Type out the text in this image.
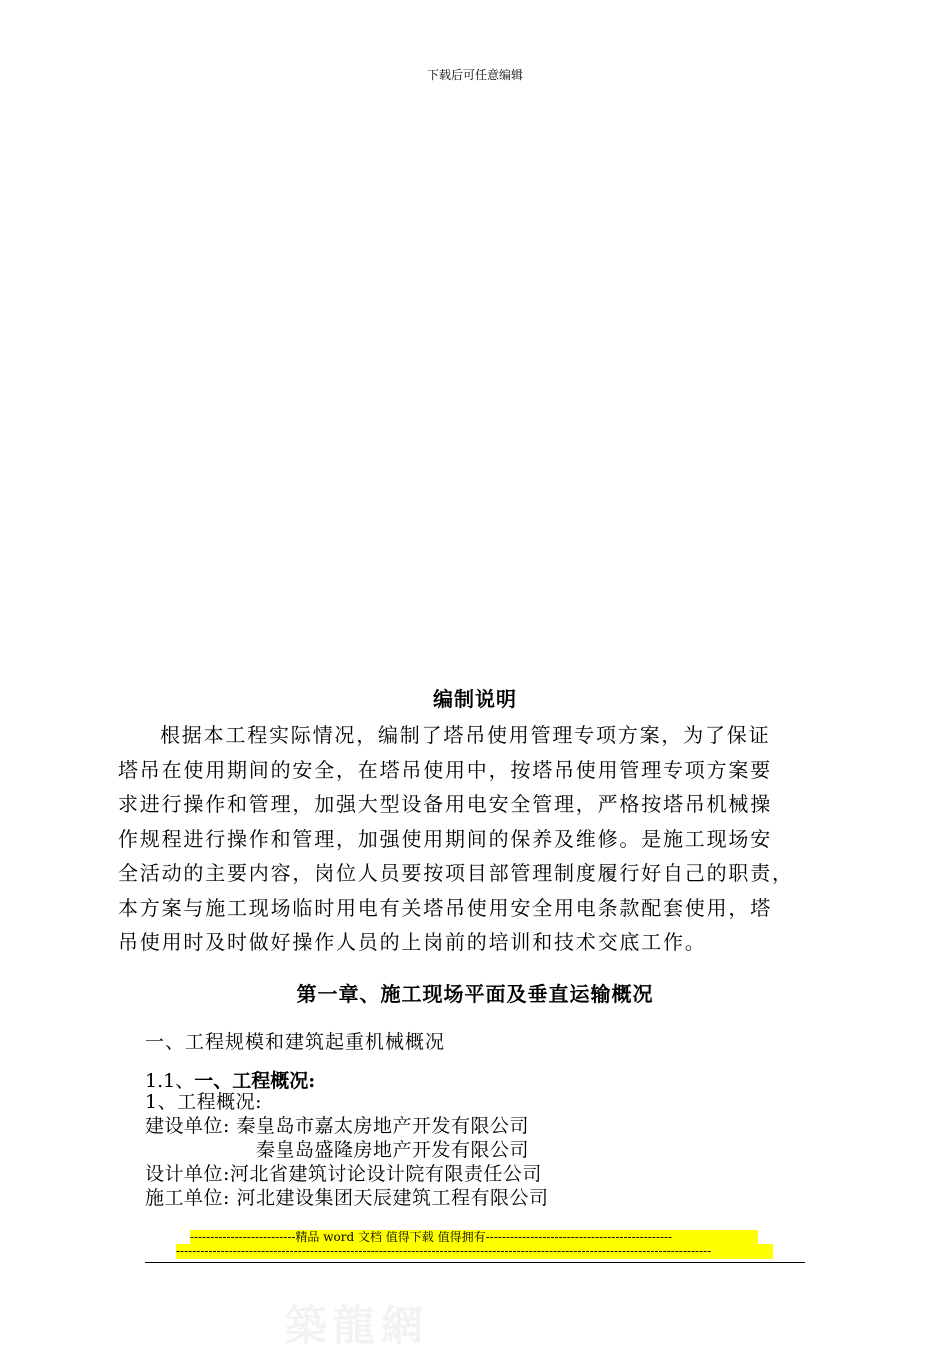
下载后可任意编辑
编制说明
根据本工程实际情况，编制了塔吊使用管理专项方案，为了保证
塔吊在使用期间的安全，在塔吊使用中，按塔吊使用管理专项方案要
求进行操作和管理，加强大型设备用电安全管理，严格按塔吊机械操
作规程进行操作和管理，加强使用期间的保养及维修。是施工现场安
全活动的主要内容，岗位人员要按项目部管理制度履行好自己的职责，
本方案与施工现场临时用电有关塔吊使用安全用电条款配套使用，塔
吊使用时及时做好操作人员的上岗前的培训和技术交底工作。
第一章、施工现场平面及垂直运输概况
一、工程规模和建筑起重机械概况
1.1、一、工程概况:
1、工程概况:
建设单位: 秦皇岛市嘉太房地产开发有限公司
秦皇岛盛隆房地产开发有限公司
设计单位:河北省建筑讨论设计院有限责任公司
施工单位: 河北建设集团天辰建筑工程有限公司
--------------------------精品 word 文档 值得下载 值得拥有----------------------------------------------
------------------------------------------------------------------------------------------------------------------------------------
築龍網
